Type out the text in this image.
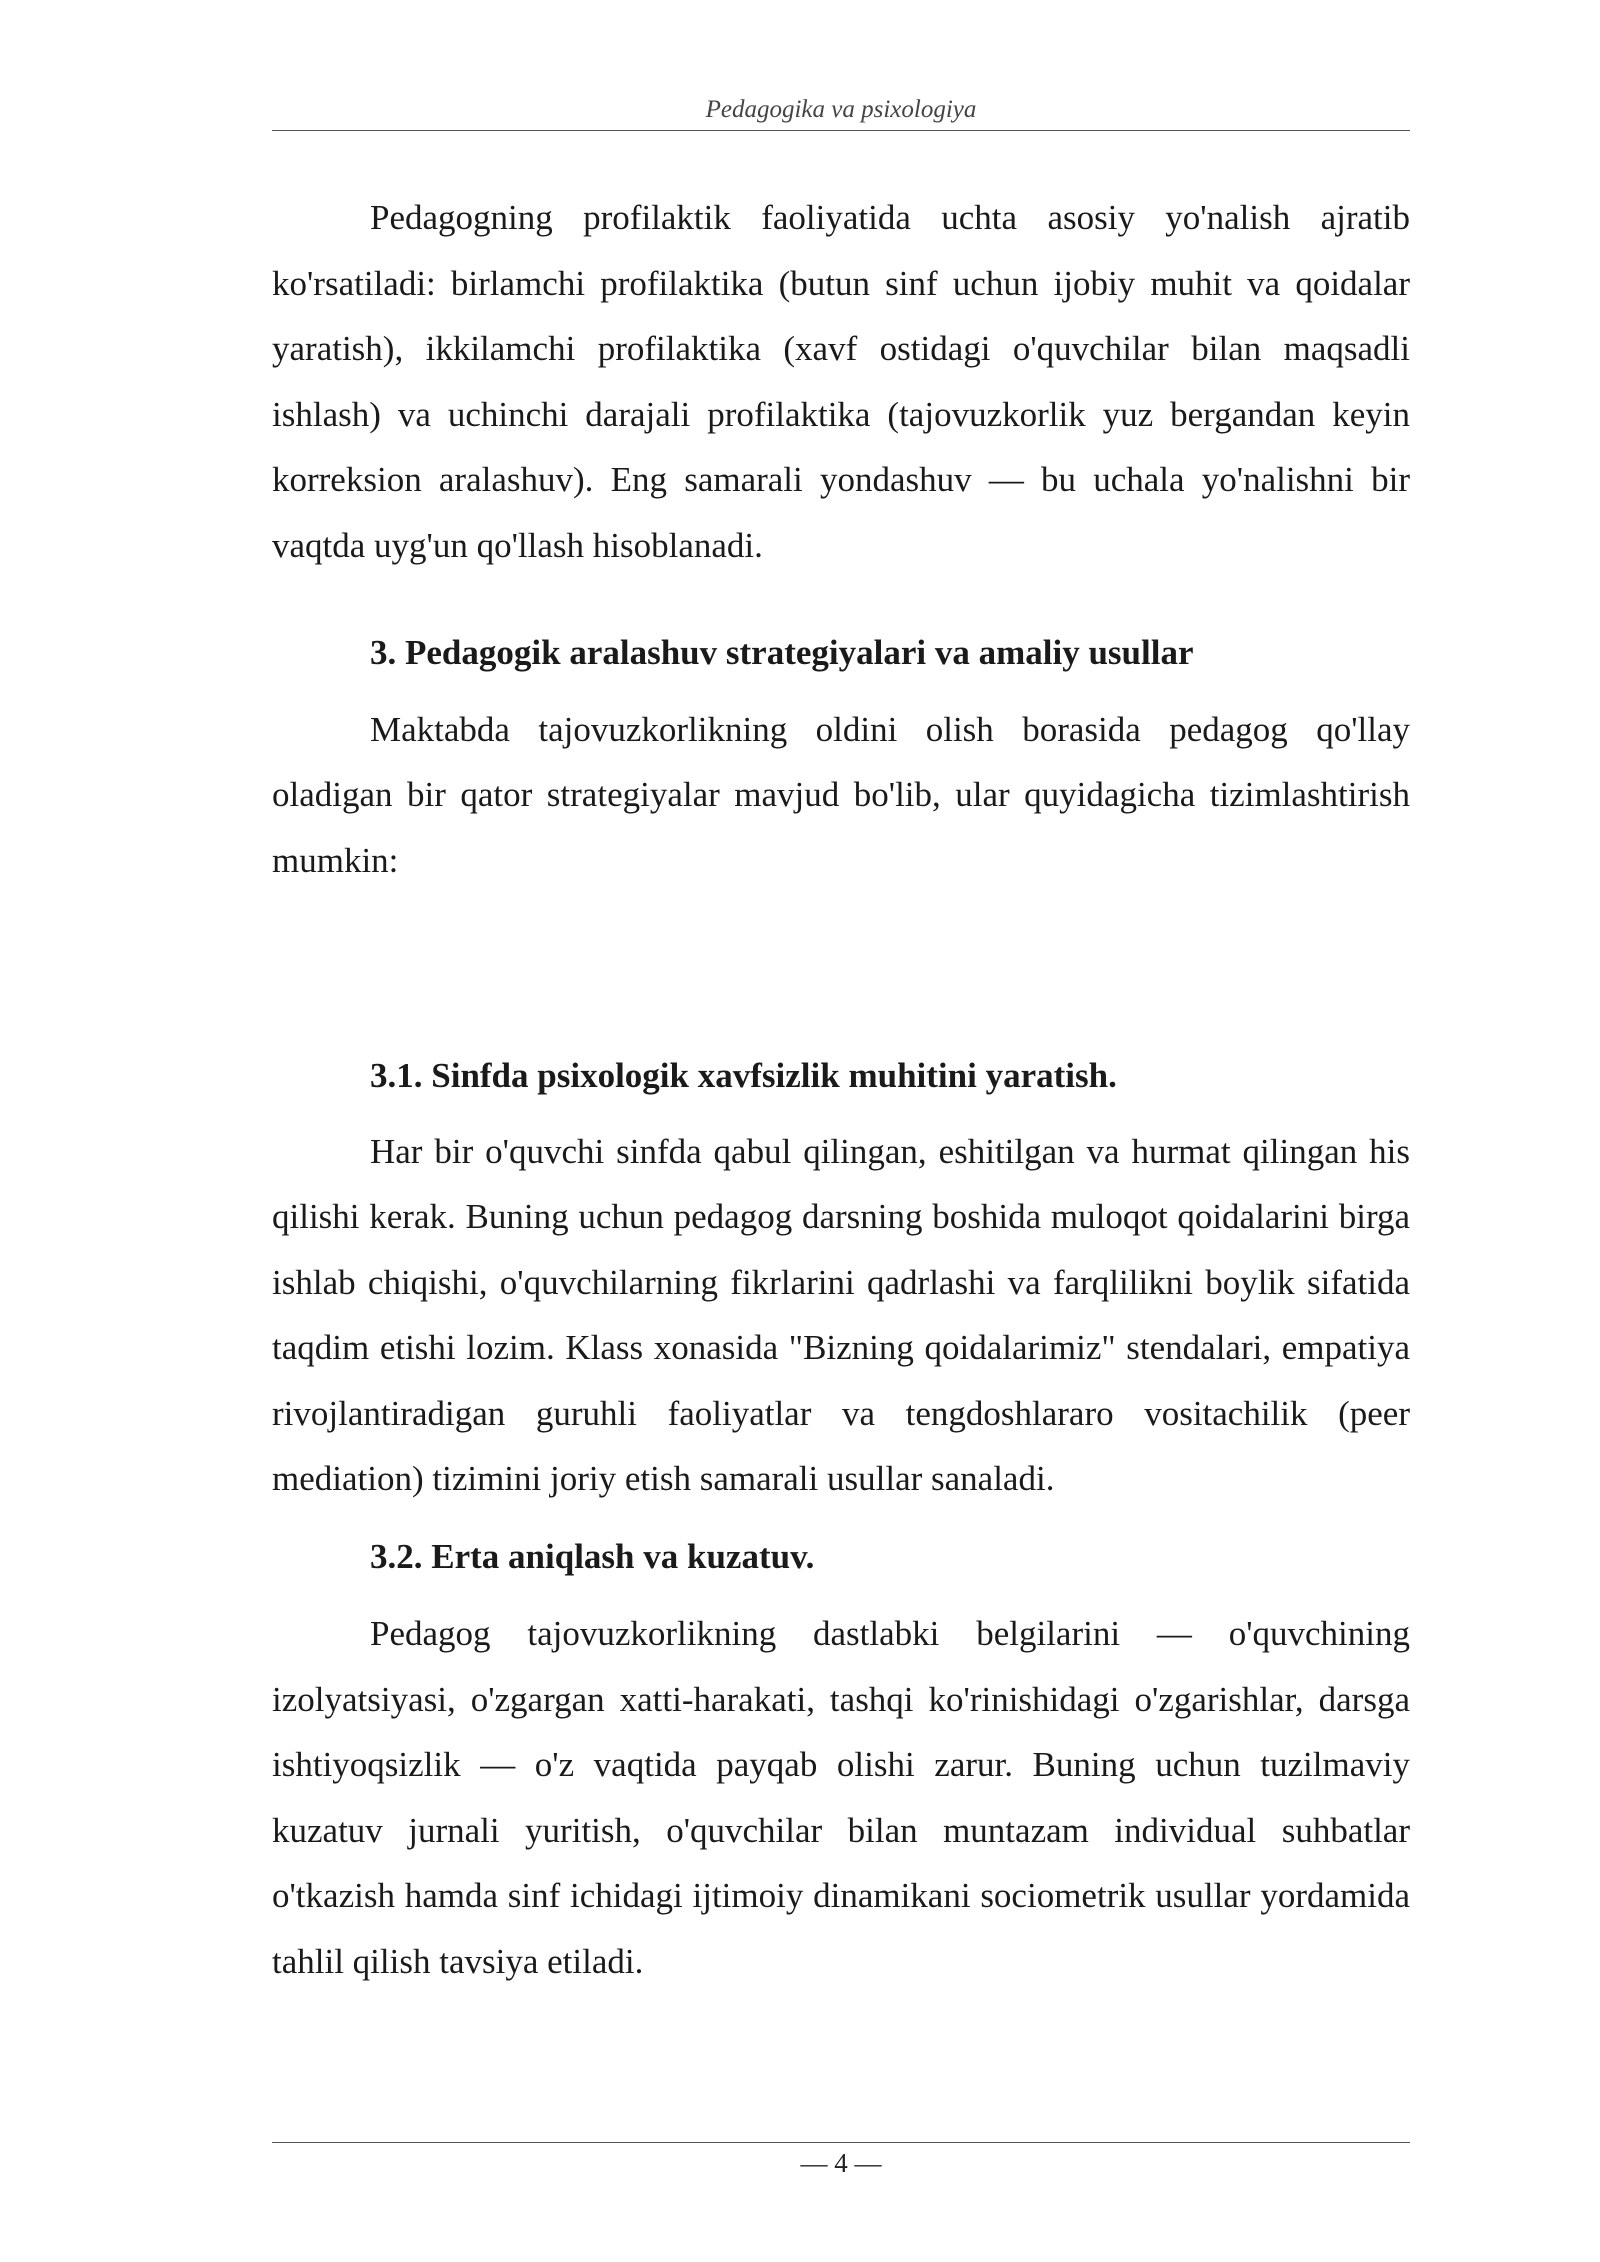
Pedagogika va psixologiya

Pedagogning profilaktik faoliyatida uchta asosiy yo'nalish ajratib ko'rsatiladi: birlamchi profilaktika (butun sinf uchun ijobiy muhit va qoidalar yaratish), ikkilamchi profilaktika (xavf ostidagi o'quvchilar bilan maqsadli ishlash) va uchinchi darajali profilaktika (tajovuzkorlik yuz bergandan keyin korreksion aralashuv). Eng samarali yondashuv — bu uchala yo'nalishni bir vaqtda uyg'un qo'llash hisoblanadi.

3. Pedagogik aralashuv strategiyalari va amaliy usullar

Maktabda tajovuzkorlikning oldini olish borasida pedagog qo'llay oladigan bir qator strategiyalar mavjud bo'lib, ular quyidagicha tizimlashtirish mumkin:

3.1. Sinfda psixologik xavfsizlik muhitini yaratish.

Har bir o'quvchi sinfda qabul qilingan, eshitilgan va hurmat qilingan his qilishi kerak. Buning uchun pedagog darsning boshida muloqot qoidalarini birga ishlab chiqishi, o'quvchilarning fikrlarini qadrlashi va farqlilikni boylik sifatida taqdim etishi lozim. Klass xonasida "Bizning qoidalarimiz" stendalari, empatiya rivojlantiradigan guruhli faoliyatlar va tengdoshlararo vositachilik (peer mediation) tizimini joriy etish samarali usullar sanaladi.

3.2. Erta aniqlash va kuzatuv.

Pedagog tajovuzkorlikning dastlabki belgilarini — o'quvchining izolyatsiyasi, o'zgargan xatti-harakati, tashqi ko'rinishidagi o'zgarishlar, darsga ishtiyoqsizlik — o'z vaqtida payqab olishi zarur. Buning uchun tuzilmaviy kuzatuv jurnali yuritish, o'quvchilar bilan muntazam individual suhbatlar o'tkazish hamda sinf ichidagi ijtimoiy dinamikani sociometrik usullar yordamida tahlil qilish tavsiya etiladi.

— 4 —
